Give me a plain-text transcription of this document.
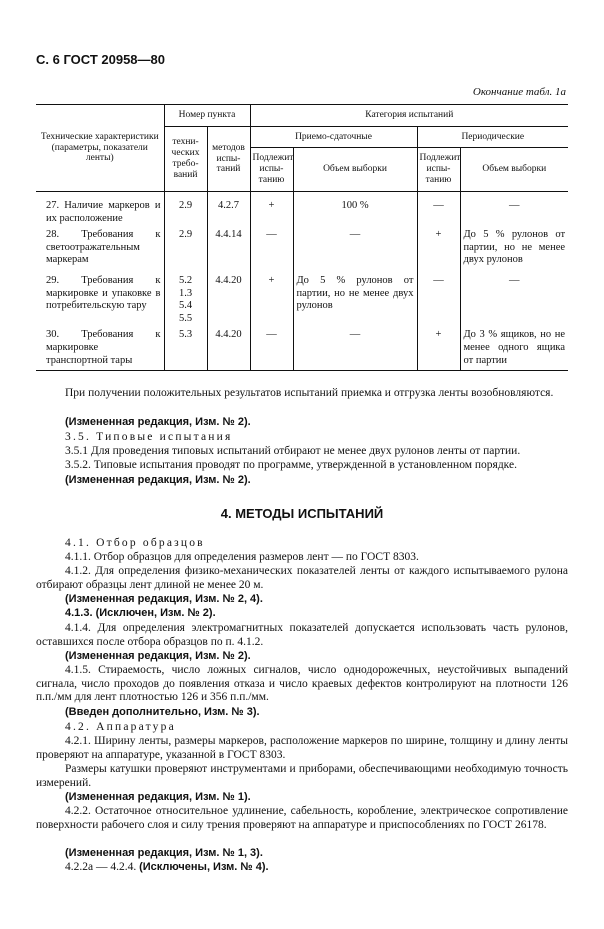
С. 6 ГОСТ 20958—80
Окончание табл. 1а
Технические характеристики (параметры, показатели ленты)	Номер пункта		Категория испытаний			
	техни-ческих требо-ваний	методов испы-таний	Приемо-сдаточные		Периодические	
			Подлежит испы-танию	Объем выборки	Подлежит испы-танию	Объем выборки
27. Наличие маркеров и их расположение	2.9	4.2.7	+	100 %	—	—
28. Требования к светоотражательным маркерам	2.9	4.4.14	—	—	+	До 5 % рулонов от партии, но не менее двух рулонов
29. Требования к маркировке и упаковке в потребительскую тару	5.2
1.3
5.4
5.5	4.4.20	+	До 5 % рулонов от партии, но не менее двух рулонов	—	—
30. Требования к маркировке транспортной тары	5.3	4.4.20	—	—	+	До 3 % ящиков, но не менее одного ящика от партии
При получении положительных результатов испытаний приемка и отгрузка ленты возобновляются.
(Измененная редакция, Изм. № 2).
3.5. Типовые испытания
3.5.1 Для проведения типовых испытаний отбирают не менее двух рулонов ленты от партии.
3.5.2. Типовые испытания проводят по программе, утвержденной в установленном порядке.
(Измененная редакция, Изм. № 2).
4. МЕТОДЫ ИСПЫТАНИЙ
4.1. Отбор образцов
4.1.1. Отбор образцов для определения размеров лент — по ГОСТ 8303.
4.1.2. Для определения физико-механических показателей ленты от каждого испытываемого рулона отбирают образцы лент длиной не менее 20 м.
(Измененная редакция, Изм. № 2, 4).
4.1.3. (Исключен, Изм. № 2).
4.1.4. Для определения электромагнитных показателей допускается использовать часть рулонов, оставшихся после отбора образцов по п. 4.1.2.
(Измененная редакция, Изм. № 2).
4.1.5. Стираемость, число ложных сигналов, число однодорожечных, неустойчивых выпадений сигнала, число проходов до появления отказа и число краевых дефектов контролируют на плотности 126 п.п./мм для лент плотностью 126 и 356 п.п./мм.
(Введен дополнительно, Изм. № 3).
4.2. Аппаратура
4.2.1. Ширину ленты, размеры маркеров, расположение маркеров по ширине, толщину и длину ленты проверяют на аппаратуре, указанной в ГОСТ 8303.
Размеры катушки проверяют инструментами и приборами, обеспечивающими необходимую точность измерений.
(Измененная редакция, Изм. № 1).
4.2.2. Остаточное относительное удлинение, сабельность, коробление, электрическое сопротивление поверхности рабочего слоя и силу трения проверяют на аппаратуре и приспособлениях по ГОСТ 26178.
(Измененная редакция, Изм. № 1, 3).
4.2.2а — 4.2.4. (Исключены, Изм. № 4).
